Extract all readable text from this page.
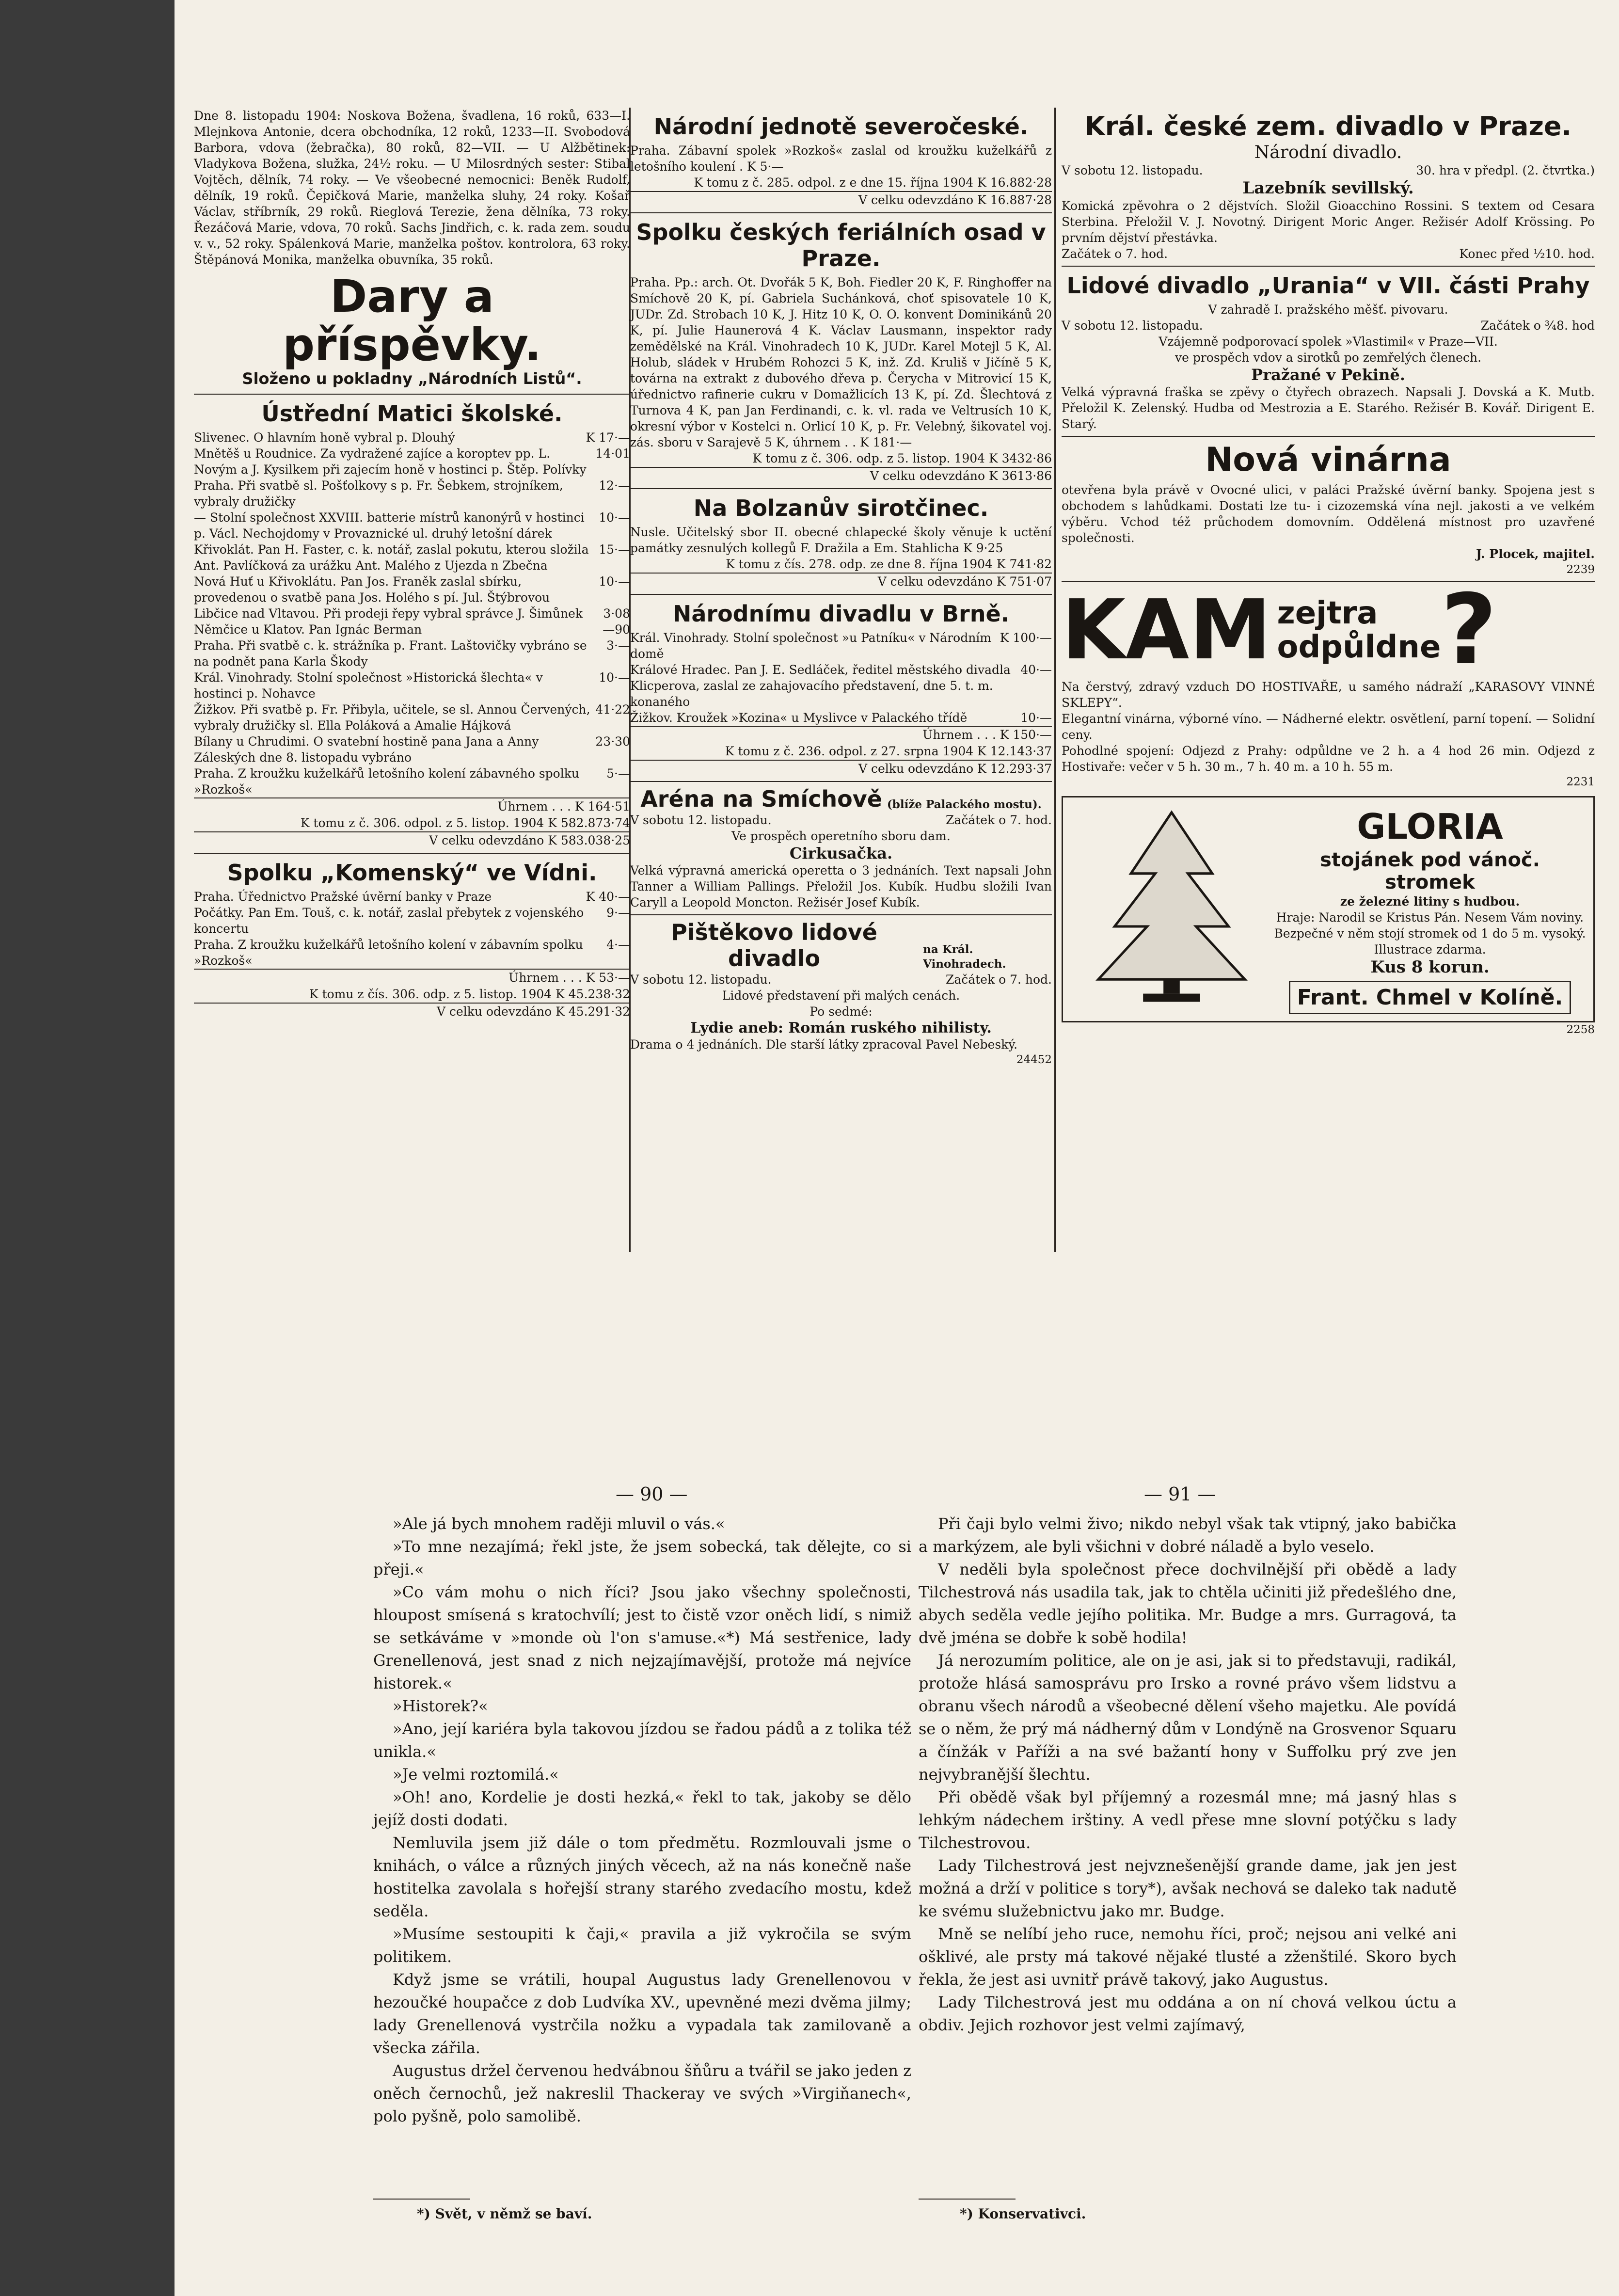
Dne 8. listopadu 1904: Noskova Božena, švadlena, 16 roků, 633—I. Mlejnkova Antonie, dcera obchodníka, 12 roků, 1233—II. Svobodová Barbora, vdova (žebračka), 80 roků, 82—VII. — U Alžbětinek: Vladykova Božena, služka, 24½ roku. — U Milosrdných sester: Stibal Vojtěch, dělník, 74 roky. — Ve všeobecné nemocnici: Beněk Rudolf, dělník, 19 roků. Čepičková Marie, manželka sluhy, 24 roky. Košař Václav, stříbrník, 29 roků. Rieglová Terezie, žena dělníka, 73 roky. Řezáčová Marie, vdova, 70 roků. Sachs Jindřich, c. k. rada zem. soudu v. v., 52 roky. Spálenková Marie, manželka poštov. kontrolora, 63 roky. Štěpánová Monika, manželka obuvníka, 35 roků.

Dary a příspěvky.
Složeno u pokladny „Národních Listů“.
Ústřední Matici školské.
Slivenec. O hlavním honě vybral p. Dlouhý	K 17·—
Mnětěš u Roudnice. Za vydražené zajíce a koroptev pp. L. Novým a J. Kysilkem při zajecím honě v hostinci p. Štěp. Polívky
14·01
Praha. Při svatbě sl. Pošťolkovy s p. Fr. Šebkem, strojníkem, vybraly družičky
12·—
— Stolní společnost XXVIII. batterie místrů kanonýrů v hostinci p. Václ. Nechojdomy v Provaznické ul. druhý letošní dárek
10·—
Křivoklát. Pan H. Faster, c. k. notář, zaslal pokutu, kterou složila Ant. Pavlíčková za urážku Ant. Malého z Ujezda n Zbečna
15·—
Nová Huť u Křivoklátu. Pan Jos. Franěk zaslal sbírku, provedenou o svatbě pana Jos. Holého s pí. Jul. Štýbrovou
10·—
Libčice nad Vltavou. Při prodeji řepy vybral správce J. Šimůnek	3·08
Němčice u Klatov. Pan Ignác Berman	—90
Praha. Při svatbě c. k. strážníka p. Frant. Laštovičky vybráno se na podnět pana Karla Škody
3·—
Král. Vinohrady. Stolní společnost »Historická šlechta« v hostinci p. Nohavce
10·—
Žižkov. Při svatbě p. Fr. Přibyla, učitele, se sl. Annou Červených, vybraly družičky sl. Ella Poláková a Amalie Hájková
41·22
Bílany u Chrudimi. O svatební hostině pana Jana a Anny Záleských dne 8. listopadu vybráno
23·30
Praha. Z kroužku kuželkářů letošního kolení zábavného spolku »Rozkoš«
5·—
Úhrnem . . . K 164·51
K tomu z č. 306. odpol. z 5. listop. 1904 K 582.873·74
V celku odevzdáno K 583.038·25
Spolku „Komenský“ ve Vídni.
Praha. Úřednictvo Pražské úvěrní banky v Praze	K 40·—
Počátky. Pan Em. Touš, c. k. notář, zaslal přebytek z vojenského koncertu
9·—
Praha. Z kroužku kuželkářů letošního kolení v zábavním spolku »Rozkoš«
4·—
Úhrnem . . . K 53·—
K tomu z čís. 306. odp. z 5. listop. 1904 K 45.238·32
V celku odevzdáno K 45.291·32
Národní jednotě severočeské.

Praha. Zábavní spolek »Rozkoš« zaslal od kroužku kuželkářů z letošního koulení . K 5·—

K tomu z č. 285. odpol. z e dne 15. října 1904 K 16.882·28
V celku odevzdáno K 16.887·28
Spolku českých feriálních osad v Praze.

Praha. Pp.: arch. Ot. Dvořák 5 K, Boh. Fiedler 20 K, F. Ringhoffer na Smíchově 20 K, pí. Gabriela Suchánková, choť spisovatele 10 K, JUDr. Zd. Strobach 10 K, J. Hitz 10 K, O. O. konvent Dominikánů 20 K, pí. Julie Haunerová 4 K. Václav Lausmann, inspektor rady zemědělské na Král. Vinohradech 10 K, JUDr. Karel Motejl 5 K, Al. Holub, sládek v Hrubém Rohozci 5 K, inž. Zd. Kruliš v Jičíně 5 K, továrna na extrakt z dubového dřeva p. Čerycha v Mitrovicí 15 K, úřednictvo rafinerie cukru v Domažlicích 13 K, pí. Zd. Šlechtová z Turnova 4 K, pan Jan Ferdinandi, c. k. vl. rada ve Veltrusích 10 K, okresní výbor v Kostelci n. Orlicí 10 K, p. Fr. Velebný, šikovatel voj. zás. sboru v Sarajevě 5 K, úhrnem . . K 181·—

K tomu z č. 306. odp. z 5. listop. 1904 K 3432·86
V celku odevzdáno K 3613·86
Na Bolzanův sirotčinec.

Nusle. Učitelský sbor II. obecné chlapecké školy věnuje k uctění památky zesnulých kollegů F. Dražila a Em. Stahlicha K 9·25

K tomu z čís. 278. odp. ze dne 8. října 1904 K 741·82
V celku odevzdáno K 751·07
Národnímu divadlu v Brně.
Král. Vinohrady. Stolní společnost »u Patníku« v Národním domě
K 100·—
Králové Hradec. Pan J. E. Sedláček, ředitel městského divadla Klicperova, zaslal ze zahajovacího představení, dne 5. t. m. konaného
40·—
Žižkov. Kroužek »Kozina« u Myslivce v Palackého třídě	10·—
Úhrnem . . . K 150·—
K tomu z č. 236. odpol. z 27. srpna 1904 K 12.143·37
V celku odevzdáno K 12.293·37
Aréna na Smíchově (blíže Palackého mostu).
V sobotu 12. listopadu.	Začátek o 7. hod.
Ve prospěch operetního sboru dam.
Cirkusačka.

Velká výpravná americká operetta o 3 jednáních. Text napsali John Tanner a William Pallings. Přeložil Jos. Kubík. Hudbu složili Ivan Caryll a Leopold Moncton. Režisér Josef Kubík.

Pištěkovo lidové divadlo	na Král. Vinohradech.
V sobotu 12. listopadu.	Začátek o 7. hod.
Lidové představení při malých cenách.
Po sedmé:
Lydie aneb: Román ruského nihilisty.

Drama o 4 jednáních. Dle starší látky zpracoval Pavel Nebeský.

24452
Král. české zem. divadlo v Praze.
Národní divadlo.
V sobotu 12. listopadu.	30. hra v předpl. (2. čtvrtka.)
Lazebník sevillský.

Komická zpěvohra o 2 dějstvích. Složil Gioacchino Rossini. S textem od Cesara Sterbina. Přeložil V. J. Novotný. Dirigent Moric Anger. Režisér Adolf Krössing. Po prvním dějství přestávka.

Začátek o 7. hod.	Konec před ½10. hod.
Lidové divadlo „Urania“ v VII. části Prahy
V zahradě I. pražského měšť. pivovaru.
V sobotu 12. listopadu.	Začátek o ¾8. hod
Vzájemně podporovací spolek »Vlastimil« v Praze—VII.
ve prospěch vdov a sirotků po zemřelých členech.
Pražané v Pekině.

Velká výpravná fraška se zpěvy o čtyřech obrazech. Napsali J. Dovská a K. Mutb. Přeložil K. Zelenský. Hudba od Mestrozia a E. Starého. Režisér B. Kovář. Dirigent E. Starý.

Nová vinárna

otevřena byla právě v Ovocné ulici, v paláci Pražské úvěrní banky. Spojena jest s obchodem s lahůdkami. Dostati lze tu- i cizozemská vína nejl. jakosti a ve velkém výběru. Vchod též průchodem domovním. Oddělená místnost pro uzavřené společnosti.

J. Plocek, majitel.
2239
KAM zejtra
odpůldne ?

Na čerstvý, zdravý vzduch DO HOSTIVAŘE, u samého nádraží „KARASOVY VINNÉ SKLEPY“.

Elegantní vinárna, výborné víno. — Nádherné elektr. osvětlení, parní topení. — Solidní ceny.

Pohodlné spojení: Odjezd z Prahy: odpůldne ve 2 h. a 4 hod 26 min. Odjezd z Hostivaře: večer v 5 h. 30 m., 7 h. 40 m. a 10 h. 55 m.

2231
GLORIA
stojánek pod vánoč. stromek
ze železné litiny s hudbou.

Hraje: Narodil se Kristus Pán. Nesem Vám noviny. Bezpečné v něm stojí stromek od 1 do 5 m. vysoký. Illustrace zdarma.

Kus 8 korun.
Frant. Chmel v Kolíně.
2258
— 90 —	— 91 —

»Ale já bych mnohem raději mluvil o vás.«

»To mne nezajímá; řekl jste, že jsem sobecká, tak dělejte, co si přeji.«

»Co vám mohu o nich říci? Jsou jako všechny společnosti, hloupost smísená s kratochvílí; jest to čistě vzor oněch lidí, s nimiž se setkáváme v »monde où l'on s'amuse.«*) Má sestřenice, lady Grenellenová, jest snad z nich nejzajímavější, protože má nejvíce historek.«

»Historek?«

»Ano, její kariéra byla takovou jízdou se řadou pádů a z tolika též unikla.«

»Je velmi roztomilá.«

»Oh! ano, Kordelie je dosti hezká,« řekl to tak, jakoby se dělo jejíž dosti dodati.

Nemluvila jsem již dále o tom předmětu. Rozmlouvali jsme o knihách, o válce a různých jiných věcech, až na nás konečně naše hostitelka zavolala s hořejší strany starého zvedacího mostu, kdež seděla.

»Musíme sestoupiti k čaji,« pravila a již vykročila se svým politikem.

Když jsme se vrátili, houpal Augustus lady Grenellenovou v hezoučké houpačce z dob Ludvíka XV., upevněné mezi dvěma jilmy; lady Grenellenová vystrčila nožku a vypadala tak zamilovaně a všecka zářila.

Augustus držel červenou hedvábnou šňůru a tvářil se jako jeden z oněch černochů, jež nakreslil Thackeray ve svých »Virgiňanech«, polo pyšně, polo samolibě.

*) Svět, v němž se baví.

Při čaji bylo velmi živo; nikdo nebyl však tak vtipný, jako babička a markýzem, ale byli všichni v dobré náladě a bylo veselo.

V neděli byla společnost přece dochvilnější při obědě a lady Tilchestrová nás usadila tak, jak to chtěla učiniti již předešlého dne, abych seděla vedle jejího politika. Mr. Budge a mrs. Gurragová, ta dvě jména se dobře k sobě hodila!

Já nerozumím politice, ale on je asi, jak si to představuji, radikál, protože hlásá samosprávu pro Irsko a rovné právo všem lidstvu a obranu všech národů a všeobecné dělení všeho majetku. Ale povídá se o něm, že prý má nádherný dům v Londýně na Grosvenor Squaru a čínžák v Paříži a na své bažantí hony v Suffolku prý zve jen nejvybranější šlechtu.

Při obědě však byl příjemný a rozesmál mne; má jasný hlas s lehkým nádechem irštiny. A vedl přese mne slovní potýčku s lady Tilchestrovou.

Lady Tilchestrová jest nejvznešenější grande dame, jak jen jest možná a drží v politice s tory*), avšak nechová se daleko tak nadutě ke svému služebnictvu jako mr. Budge.

Mně se nelíbí jeho ruce, nemohu říci, proč; nejsou ani velké ani ošklivé, ale prsty má takové nějaké tlusté a zženštilé. Skoro bych řekla, že jest asi uvnitř právě takový, jako Augustus.

Lady Tilchestrová jest mu oddána a on ní chová velkou úctu a obdiv. Jejich rozhovor jest velmi zajímavý,

*) Konservativci.
